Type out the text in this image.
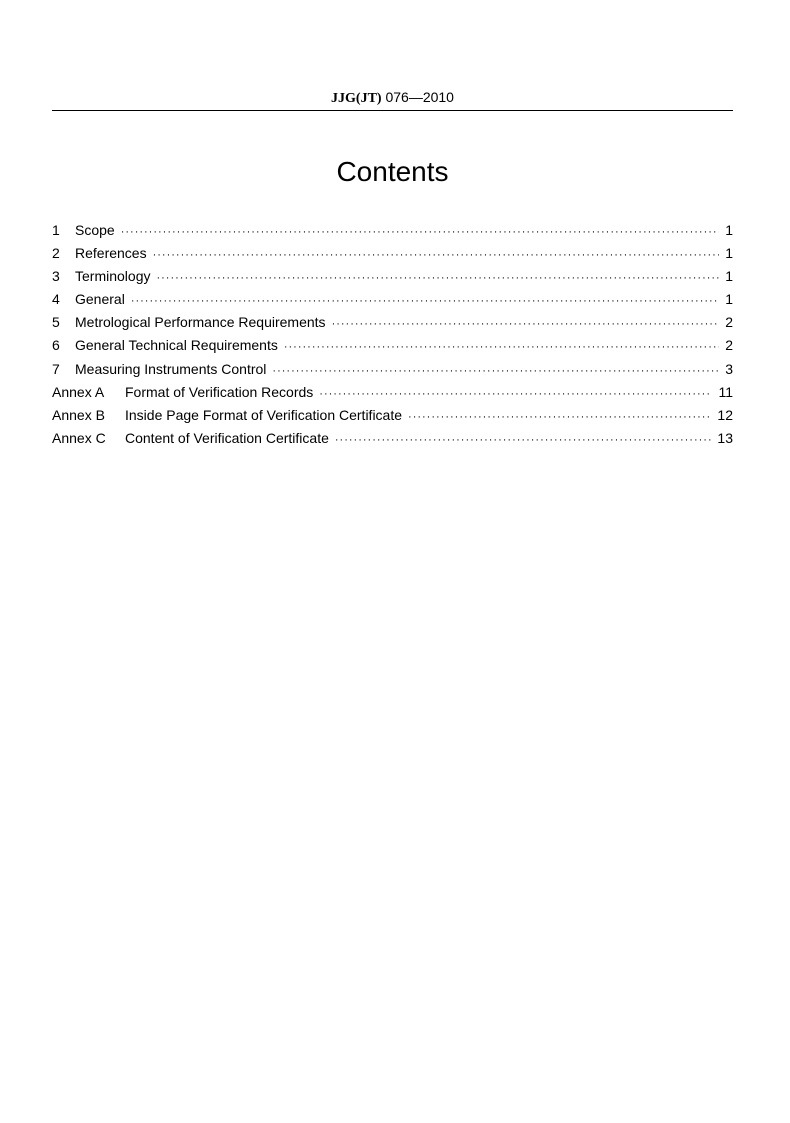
JJG(JT) 076—2010
Contents
1	Scope ·····	1
2	References ·····	1
3	Terminology ·····	1
4	General ·····	1
5	Metrological Performance Requirements ·····	2
6	General Technical Requirements ·····	2
7	Measuring Instruments Control ·····	3
Annex A	Format of Verification Records ·····	11
Annex B	Inside Page Format of Verification Certificate ·····	12
Annex C	Content of Verification Certificate ·····	13
